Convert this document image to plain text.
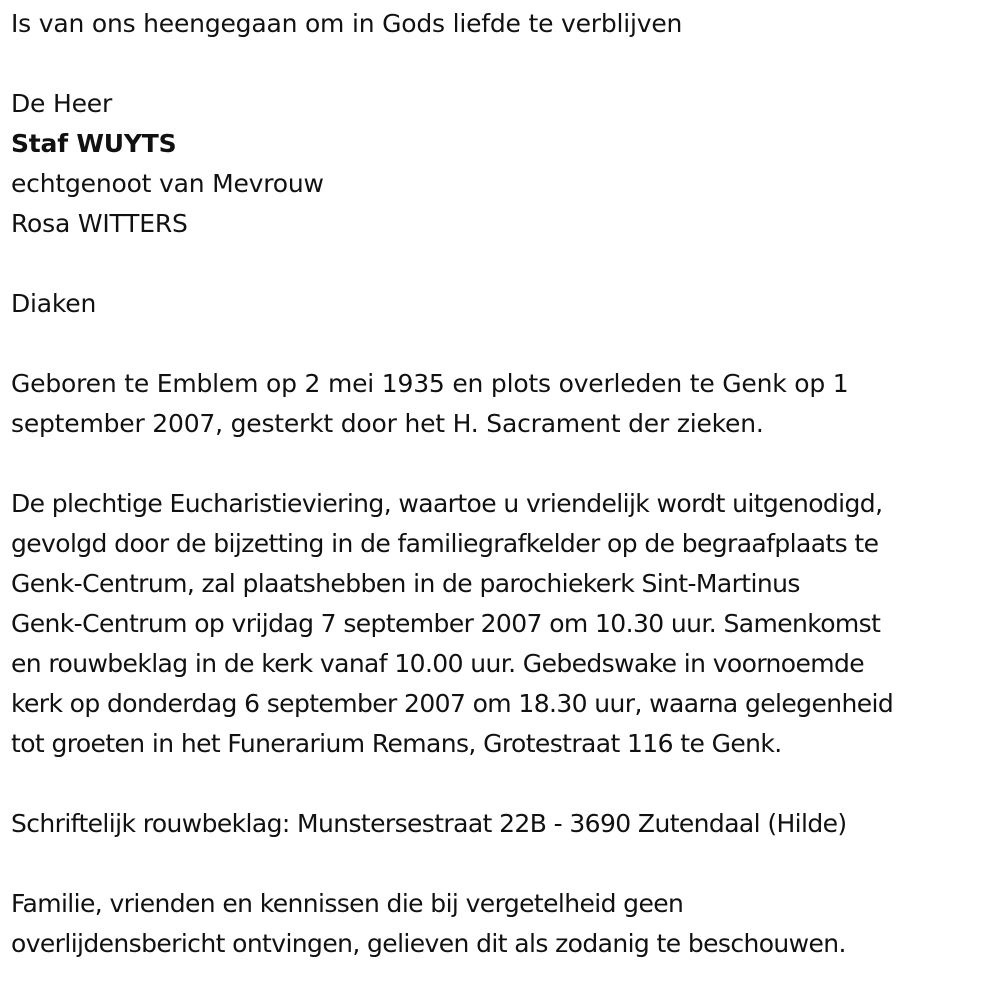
Is van ons heengegaan om in Gods liefde te verblijven
De Heer
Staf WUYTS
echtgenoot van Mevrouw
Rosa WITTERS
Diaken
Geboren te Emblem op 2 mei 1935 en plots overleden te Genk op 1
september 2007, gesterkt door het H. Sacrament der zieken.
De plechtige Eucharistieviering, waartoe u vriendelijk wordt uitgenodigd,
gevolgd door de bijzetting in de familiegrafkelder op de begraafplaats te
Genk-Centrum, zal plaatshebben in de parochiekerk Sint-Martinus
Genk-Centrum op vrijdag 7 september 2007 om 10.30 uur. Samenkomst
en rouwbeklag in de kerk vanaf 10.00 uur. Gebedswake in voornoemde
kerk op donderdag 6 september 2007 om 18.30 uur, waarna gelegenheid
tot groeten in het Funerarium Remans, Grotestraat 116 te Genk.
Schriftelijk rouwbeklag: Munstersestraat 22B - 3690 Zutendaal (Hilde)
Familie, vrienden en kennissen die bij vergetelheid geen
overlijdensbericht ontvingen, gelieven dit als zodanig te beschouwen.
